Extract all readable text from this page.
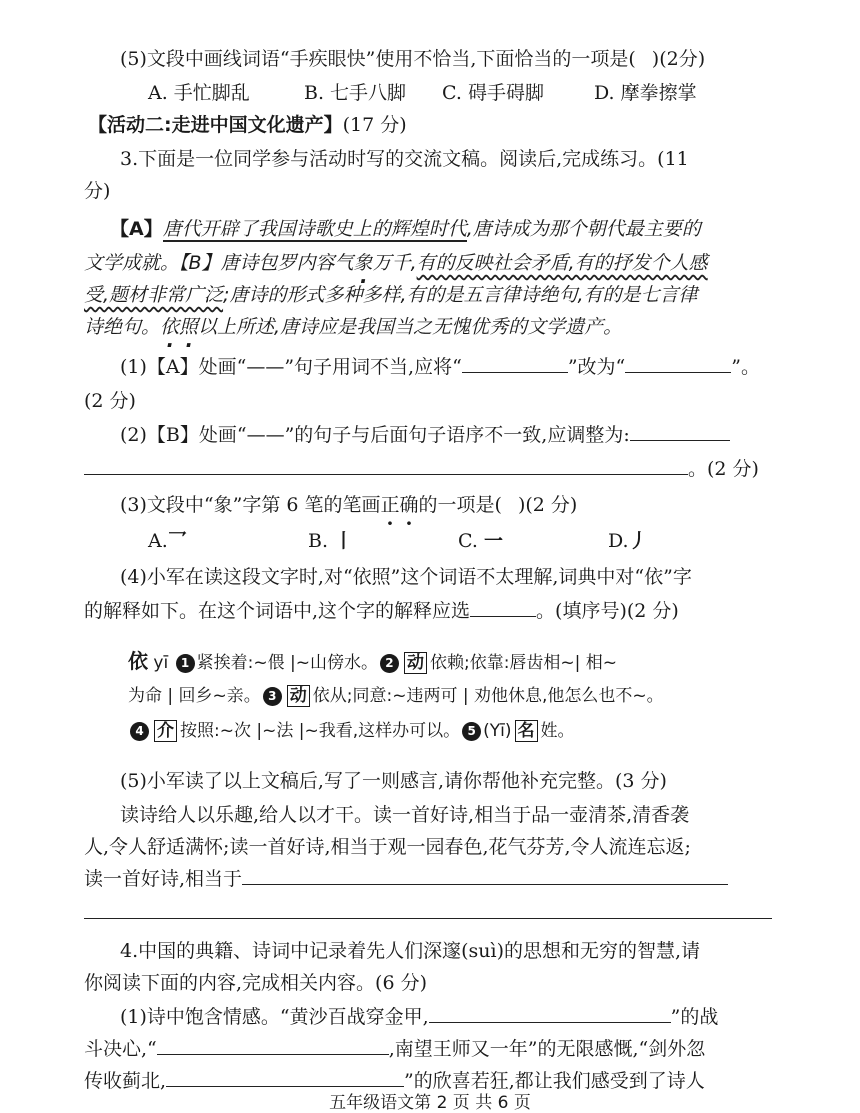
(5)文段中画线词语“手疾眼快”使用不恰当,下面恰当的一项是( )(2分)
A. 手忙脚乱	B. 七手八脚 C. 碍手碍脚	D. 摩拳擦掌
【活动二:走进中国文化遗产】(17 分)
3.下面是一位同学参与活动时写的交流文稿。阅读后,完成练习。(11
分)
【A】唐代开辟了我国诗歌史上的辉煌时代,唐诗成为那个朝代最主要的
文学成就。【B】唐诗包罗内容气象万千,有的反映社会矛盾,有的抒发个人感
受,题材非常广泛;唐诗的形式多种多样,有的是五言律诗绝句,有的是七言律
诗绝句。依照以上所述,唐诗应是我国当之无愧优秀的文学遗产。
(1)【A】处画“——”句子用词不当,应将“	”改为“	”。
(2 分)
(2)【B】处画“——”的句子与后面句子语序不一致,应调整为:
。(2 分)
(3)文段中“象”字第 6 笔的笔画正确的一项是( )(2 分)
A.乛	B. 丨	C. 一	D.丿
(4)小军在读这段文字时,对“依照”这个词语不太理解,词典中对“依”字
的解释如下。在这个词语中,这个字的解释应选	。(填序号)(2 分)
依 yī 1 紧挨着:~偎 |~山傍水。 2 动 依赖;依靠:唇齿相~| 相~
为命 | 回乡~亲。 3 动 依从;同意:~违两可 | 劝他休息,他怎么也不~。
4 介 按照:~次 |~法 |~我看,这样办可以。 5 (Yī) 名 姓。
(5)小军读了以上文稿后,写了一则感言,请你帮他补充完整。(3 分)
读诗给人以乐趣,给人以才干。读一首好诗,相当于品一壶清茶,清香袭
人,令人舒适满怀;读一首好诗,相当于观一园春色,花气芬芳,令人流连忘返;
读一首好诗,相当于
4.中国的典籍、诗词中记录着先人们深邃(suì)的思想和无穷的智慧,请
你阅读下面的内容,完成相关内容。(6 分)
(1)诗中饱含情感。“黄沙百战穿金甲,	”的战
斗决心,“	,南望王师又一年”的无限感慨,“剑外忽
传收蓟北,	”的欣喜若狂,都让我们感受到了诗人
五年级语文第 2 页 共 6 页
